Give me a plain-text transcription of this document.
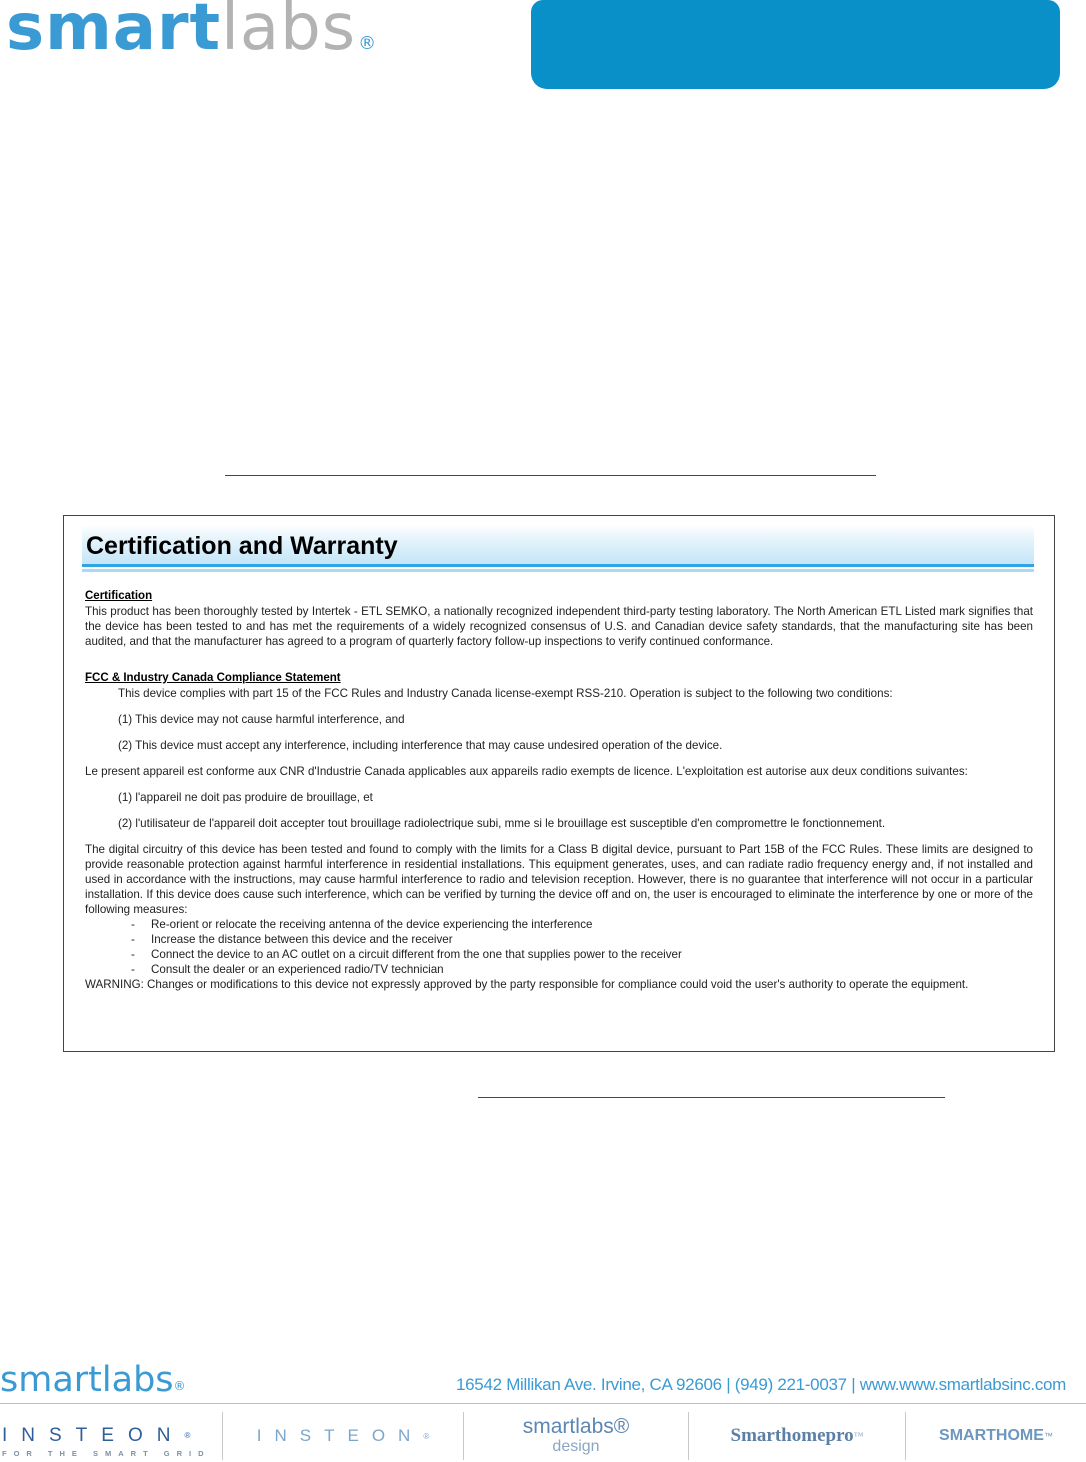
smartlabs ®
Certification and Warranty

Certification

This product has been thoroughly tested by Intertek - ETL SEMKO, a nationally recognized independent third-party testing laboratory. The North American ETL Listed mark signifies that the device has been tested to and has met the requirements of a widely recognized consensus of U.S. and Canadian device safety standards, that the manufacturing site has been audited, and that the manufacturer has agreed to a program of quarterly factory follow-up inspections to verify continued conformance.

FCC & Industry Canada Compliance Statement

This device complies with part 15 of the FCC Rules and Industry Canada license-exempt RSS-210. Operation is subject to the following two conditions:

(1) This device may not cause harmful interference, and

(2) This device must accept any interference, including interference that may cause undesired operation of the device.

Le present appareil est conforme aux CNR d'Industrie Canada applicables aux appareils radio exempts de licence. L'exploitation est autorise aux deux conditions suivantes:

(1) l'appareil ne doit pas produire de brouillage, et

(2) l'utilisateur de l'appareil doit accepter tout brouillage radiolectrique subi, mme si le brouillage est susceptible d'en compromettre le fonctionnement.

The digital circuitry of this device has been tested and found to comply with the limits for a Class B digital device, pursuant to Part 15B of the FCC Rules. These limits are designed to provide reasonable protection against harmful interference in residential installations. This equipment generates, uses, and can radiate radio frequency energy and, if not installed and used in accordance with the instructions, may cause harmful interference to radio and television reception. However, there is no guarantee that interference will not occur in a particular installation. If this device does cause such interference, which can be verified by turning the device off and on, the user is encouraged to eliminate the interference by one or more of the following measures:

- Re-orient or relocate the receiving antenna of the device experiencing the interference
- Increase the distance between this device and the receiver
- Connect the device to an AC outlet on a circuit different from the one that supplies power to the receiver
- Consult the dealer or an experienced radio/TV technician

WARNING: Changes or modifications to this device not expressly approved by the party responsible for compliance could void the user's authority to operate the equipment.

smartlabs®	16542 Millikan Ave. Irvine, CA 92606 | (949) 221-0037 | www.www.smartlabsinc.com
INSTEON®
FOR THE SMART GRID
INSTEON ®	smartlabs®
design
Smarthomepro ™	SMARTHOME ™
